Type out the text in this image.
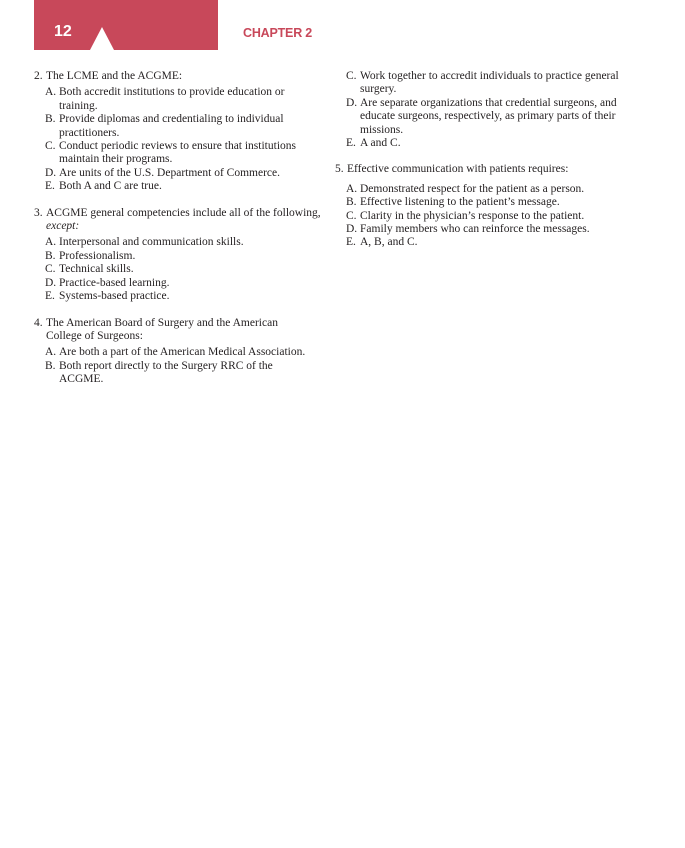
12	CHAPTER 2
2. The LCME and the ACGME:
A. Both accredit institutions to provide education or training.
B. Provide diplomas and credentialing to individual practitioners.
C. Conduct periodic reviews to ensure that institutions maintain their programs.
D. Are units of the U.S. Department of Commerce.
E. Both A and C are true.
3. ACGME general competencies include all of the following, except:
A. Interpersonal and communication skills.
B. Professionalism.
C. Technical skills.
D. Practice-based learning.
E. Systems-based practice.
4. The American Board of Surgery and the American College of Surgeons:
A. Are both a part of the American Medical Association.
B. Both report directly to the Surgery RRC of the ACGME.
C. Work together to accredit individuals to practice general surgery.
D. Are separate organizations that credential surgeons, and educate surgeons, respectively, as primary parts of their missions.
E. A and C.
5. Effective communication with patients requires:
A. Demonstrated respect for the patient as a person.
B. Effective listening to the patient’s message.
C. Clarity in the physician’s response to the patient.
D. Family members who can reinforce the messages.
E. A, B, and C.
